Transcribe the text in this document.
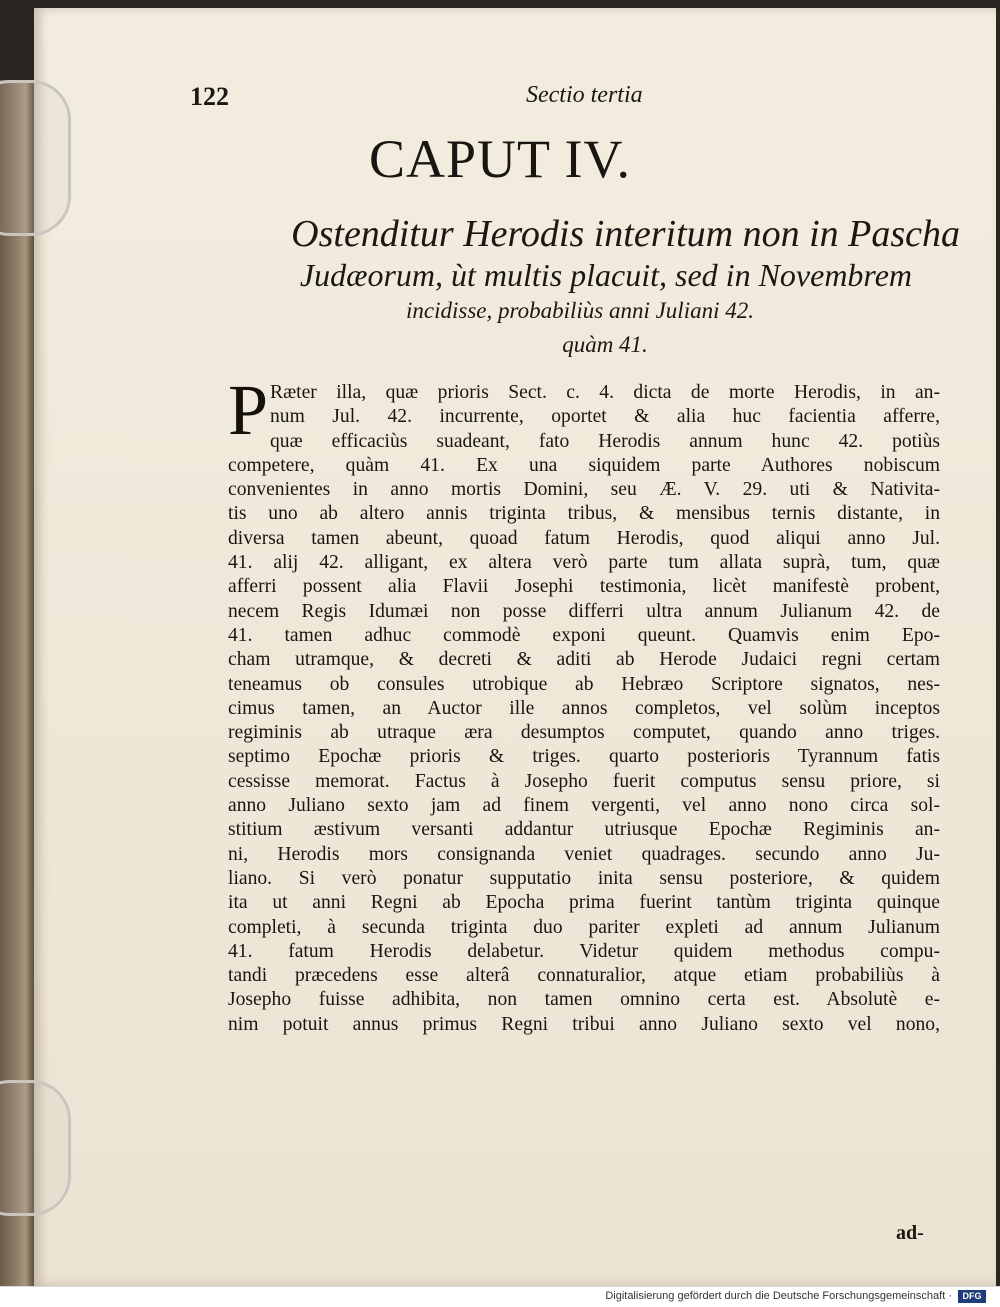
122	Sectio tertia
CAPUT IV.
Ostenditur Herodis interitum non in Pascha
Judæorum, ùt multis placuit, sed in Novembrem
incidisse, probabiliùs anni Juliani 42.
quàm 41.
P Ræter illa, quæ prioris Sect. c. 4. dicta de morte Herodis, in an-
num Jul. 42. incurrente, oportet & alia huc facientia afferre,
quæ efficaciùs suadeant, fato Herodis annum hunc 42. potiùs
competere, quàm 41. Ex una siquidem parte Authores nobiscum
convenientes in anno mortis Domini, seu Æ. V. 29. uti & Nativita-
tis uno ab altero annis triginta tribus, & mensibus ternis distante, in
diversa tamen abeunt, quoad fatum Herodis, quod aliqui anno Jul.
41. alij 42. alligant, ex altera verò parte tum allata suprà, tum, quæ
afferri possent alia Flavii Josephi testimonia, licèt manifestè probent,
necem Regis Idumæi non posse differri ultra annum Julianum 42. de
41. tamen adhuc commodè exponi queunt. Quamvis enim Epo-
cham utramque, & decreti & aditi ab Herode Judaici regni certam
teneamus ob consules utrobique ab Hebræo Scriptore signatos, nes-
cimus tamen, an Auctor ille annos completos, vel solùm inceptos
regiminis ab utraque æra desumptos computet, quando anno triges.
septimo Epochæ prioris & triges. quarto posterioris Tyrannum fatis
cessisse memorat. Factus à Josepho fuerit computus sensu priore, si
anno Juliano sexto jam ad finem vergenti, vel anno nono circa sol-
stitium æstivum versanti addantur utriusque Epochæ Regiminis an-
ni, Herodis mors consignanda veniet quadrages. secundo anno Ju-
liano. Si verò ponatur supputatio inita sensu posteriore, & quidem
ita ut anni Regni ab Epocha prima fuerint tantùm triginta quinque
completi, à secunda triginta duo pariter expleti ad annum Julianum
41. fatum Herodis delabetur. Videtur quidem methodus compu-
tandi præcedens esse alterâ connaturalior, atque etiam probabiliùs à
Josepho fuisse adhibita, non tamen omnino certa est. Absolutè e-
nim potuit annus primus Regni tribui anno Juliano sexto vel nono,
ad-
Digitalisierung gefördert durch die Deutsche Forschungsgemeinschaft ·	DFG
